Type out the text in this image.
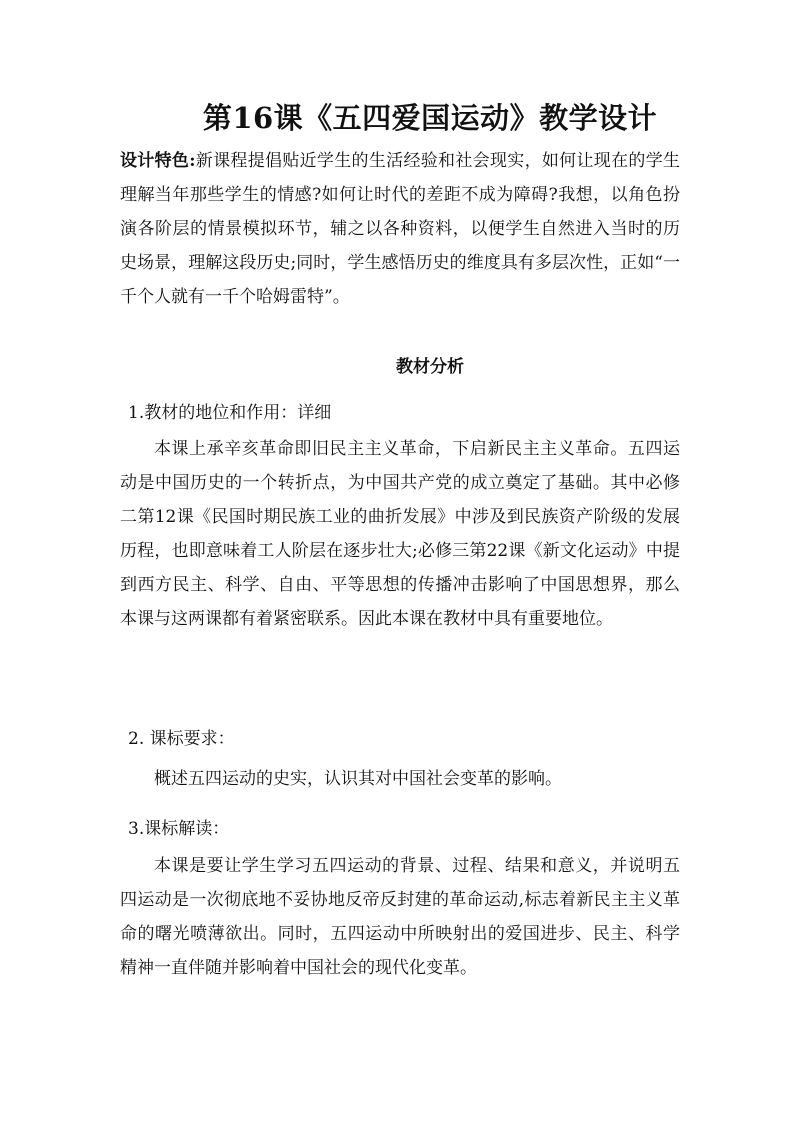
第16课《五四爱国运动》教学设计

设计特色:新课程提倡贴近学生的生活经验和社会现实，如何让现在的学生理解当年那些学生的情感?如何让时代的差距不成为障碍?我想，以角色扮演各阶层的情景模拟环节，辅之以各种资料，以便学生自然进入当时的历史场景，理解这段历史;同时，学生感悟历史的维度具有多层次性，正如“一千个人就有一千个哈姆雷特”。

教材分析
1.教材的地位和作用：详细

本课上承辛亥革命即旧民主主义革命，下启新民主主义革命。五四运动是中国历史的一个转折点，为中国共产党的成立奠定了基础。其中必修二第12课《民国时期民族工业的曲折发展》中涉及到民族资产阶级的发展历程，也即意味着工人阶层在逐步壮大;必修三第22课《新文化运动》中提到西方民主、科学、自由、平等思想的传播冲击影响了中国思想界，那么本课与这两课都有着紧密联系。因此本课在教材中具有重要地位。

2. 课标要求：

概述五四运动的史实，认识其对中国社会变革的影响。

3.课标解读：

本课是要让学生学习五四运动的背景、过程、结果和意义，并说明五四运动是一次彻底地不妥协地反帝反封建的革命运动,标志着新民主主义革命的曙光喷薄欲出。同时，五四运动中所映射出的爱国进步、民主、科学精神一直伴随并影响着中国社会的现代化变革。
